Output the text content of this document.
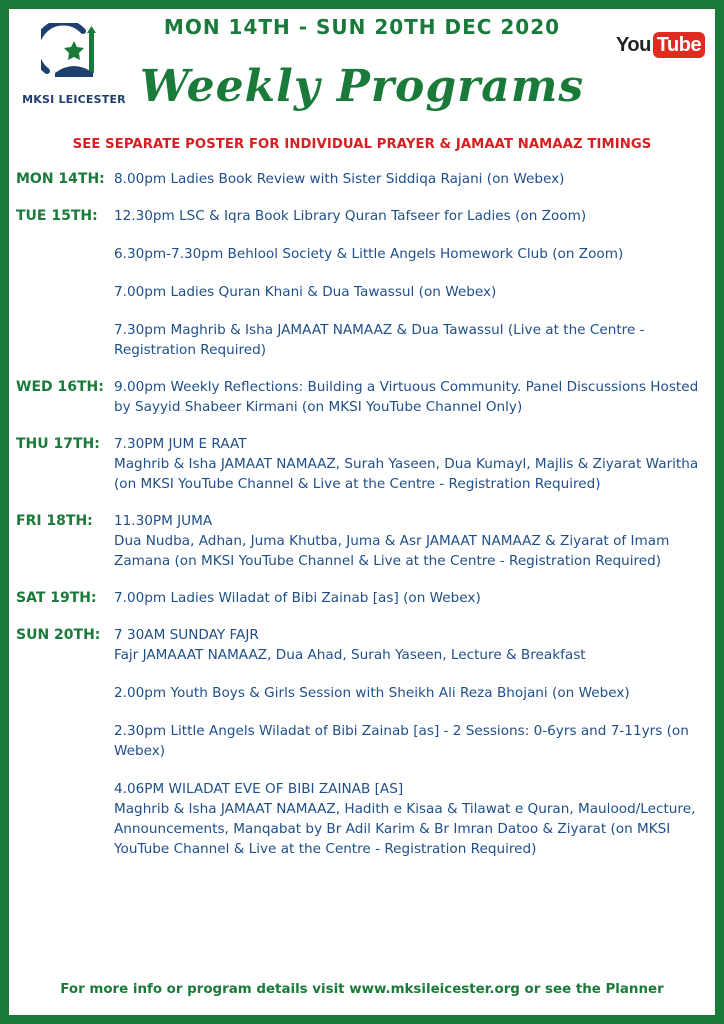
MKSI LEICESTER
MON 14TH - SUN 20TH DEC 2020
You Tube
Weekly Programs
SEE SEPARATE POSTER FOR INDIVIDUAL PRAYER & JAMAAT NAMAAZ TIMINGS
MON 14TH: 8.00pm Ladies Book Review with Sister Siddiqa Rajani (on Webex)
TUE 15TH:	12.30pm LSC & Iqra Book Library Quran Tafseer for Ladies (on Zoom)
6.30pm-7.30pm Behlool Society & Little Angels Homework Club (on Zoom)
7.00pm Ladies Quran Khani & Dua Tawassul (on Webex)
7.30pm Maghrib & Isha JAMAAT NAMAAZ & Dua Tawassul (Live at the Centre - Registration Required)
WED 16TH: 9.00pm Weekly Reflections: Building a Virtuous Community. Panel Discussions Hosted by Sayyid Shabeer Kirmani (on MKSI YouTube Channel Only)
THU 17TH:	7.30PM JUM E RAAT
Maghrib & Isha JAMAAT NAMAAZ, Surah Yaseen, Dua Kumayl, Majlis & Ziyarat Waritha (on MKSI YouTube Channel & Live at the Centre - Registration Required)
FRI 18TH:	11.30PM JUMA
Dua Nudba, Adhan, Juma Khutba, Juma & Asr JAMAAT NAMAAZ & Ziyarat of Imam Zamana (on MKSI YouTube Channel & Live at the Centre - Registration Required)
SAT 19TH:	7.00pm Ladies Wiladat of Bibi Zainab [as] (on Webex)
SUN 20TH:	7 30AM SUNDAY FAJR
Fajr JAMAAAT NAMAAZ, Dua Ahad, Surah Yaseen, Lecture & Breakfast
2.00pm Youth Boys & Girls Session with Sheikh Ali Reza Bhojani (on Webex)
2.30pm Little Angels Wiladat of Bibi Zainab [as] - 2 Sessions: 0-6yrs and 7-11yrs (on Webex)
4.06PM WILADAT EVE OF BIBI ZAINAB [AS]
Maghrib & Isha JAMAAT NAMAAZ, Hadith e Kisaa & Tilawat e Quran, Maulood/Lecture, Announcements, Manqabat by Br Adil Karim & Br Imran Datoo & Ziyarat (on MKSI YouTube Channel & Live at the Centre - Registration Required)
For more info or program details visit www.mksileicester.org or see the Planner
